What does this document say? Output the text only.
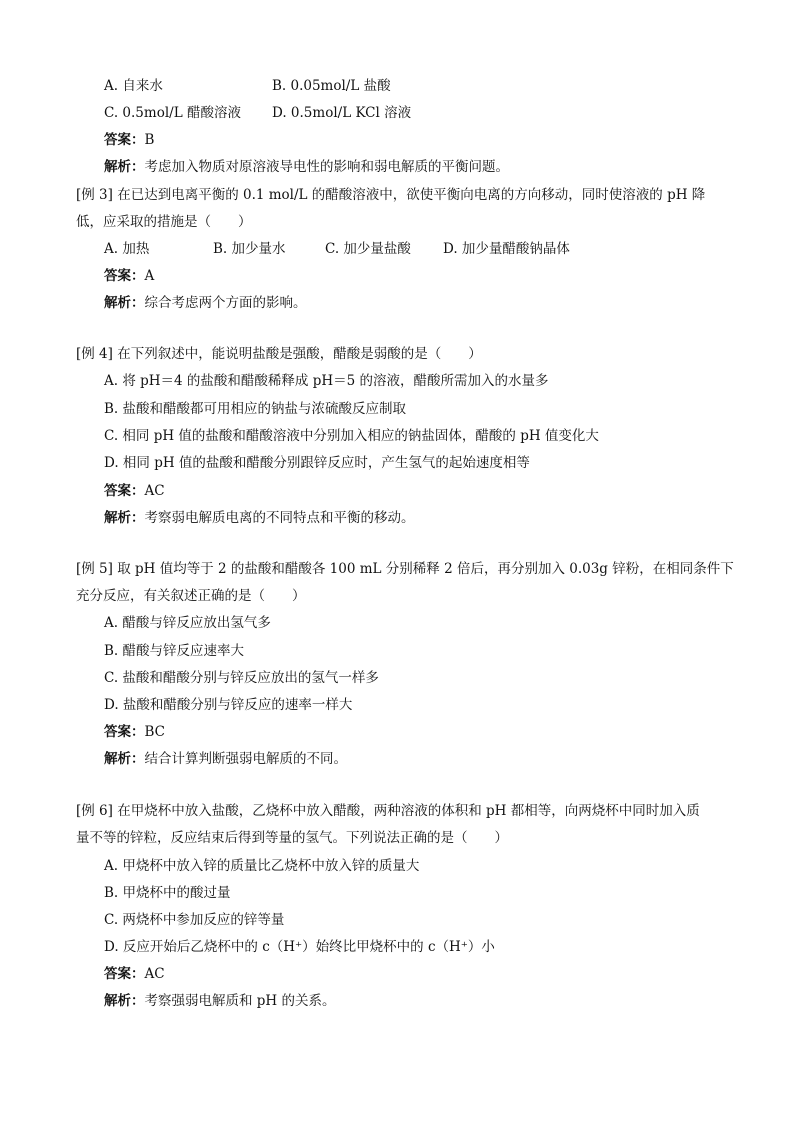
A. 自来水	B. 0.05mol/L 盐酸
C. 0.5mol/L 醋酸溶液 D. 0.5mol/L KCl 溶液
答案：B
解析：考虑加入物质对原溶液导电性的影响和弱电解质的平衡问题。
[例 3] 在已达到电离平衡的 0.1 mol/L 的醋酸溶液中，欲使平衡向电离的方向移动，同时使溶液的 pH 降
低，应采取的措施是（　　）
A. 加热	B. 加少量水	C. 加少量盐酸 D. 加少量醋酸钠晶体
答案：A
解析：综合考虑两个方面的影响。
[例 4] 在下列叙述中，能说明盐酸是强酸，醋酸是弱酸的是（　　）
A. 将 pH＝4 的盐酸和醋酸稀释成 pH＝5 的溶液，醋酸所需加入的水量多
B. 盐酸和醋酸都可用相应的钠盐与浓硫酸反应制取
C. 相同 pH 值的盐酸和醋酸溶液中分别加入相应的钠盐固体，醋酸的 pH 值变化大
D. 相同 pH 值的盐酸和醋酸分别跟锌反应时，产生氢气的起始速度相等
答案：AC
解析：考察弱电解质电离的不同特点和平衡的移动。
[例 5] 取 pH 值均等于 2 的盐酸和醋酸各 100 mL 分别稀释 2 倍后，再分别加入 0.03g 锌粉，在相同条件下
充分反应，有关叙述正确的是（　　）
A. 醋酸与锌反应放出氢气多
B. 醋酸与锌反应速率大
C. 盐酸和醋酸分别与锌反应放出的氢气一样多
D. 盐酸和醋酸分别与锌反应的速率一样大
答案：BC
解析：结合计算判断强弱电解质的不同。
[例 6] 在甲烧杯中放入盐酸，乙烧杯中放入醋酸，两种溶液的体积和 pH 都相等，向两烧杯中同时加入质
量不等的锌粒，反应结束后得到等量的氢气。下列说法正确的是（　　）
A. 甲烧杯中放入锌的质量比乙烧杯中放入锌的质量大
B. 甲烧杯中的酸过量
C. 两烧杯中参加反应的锌等量
D. 反应开始后乙烧杯中的 c（H⁺）始终比甲烧杯中的 c（H⁺）小
答案：AC
解析：考察强弱电解质和 pH 的关系。
